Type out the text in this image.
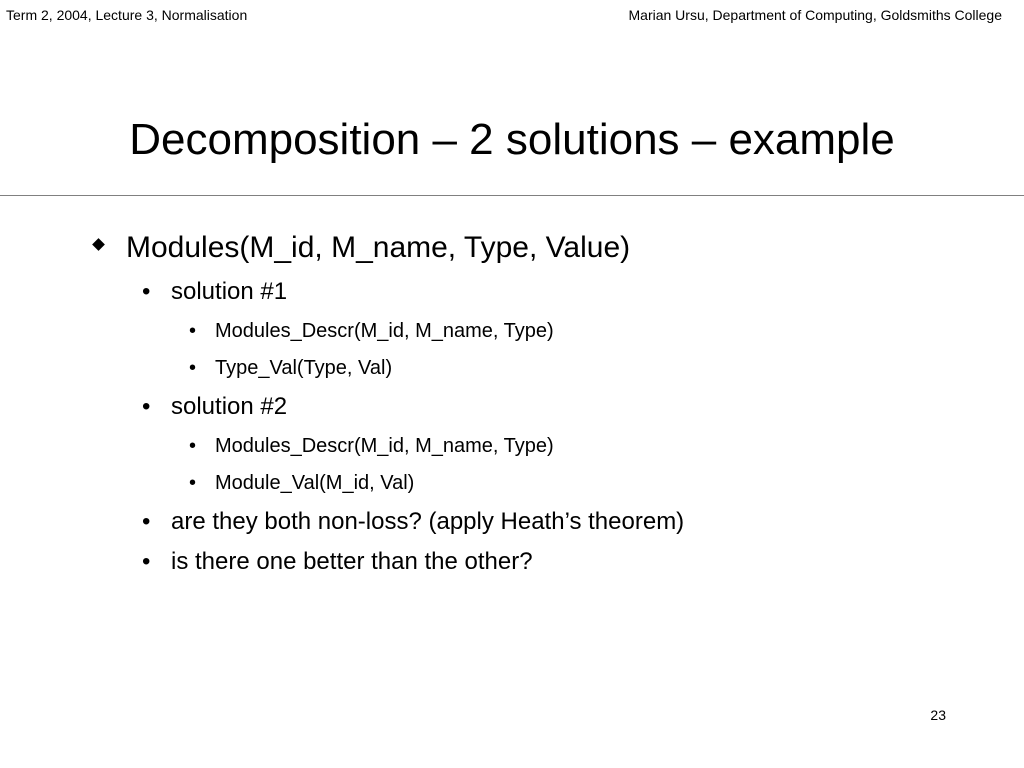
Term 2, 2004, Lecture 3, Normalisation	Marian Ursu, Department of Computing, Goldsmiths College
Decomposition – 2 solutions – example
Modules(M_id, M_name, Type, Value)
• solution #1
• Modules_Descr(M_id, M_name, Type)
• Type_Val(Type, Val)
• solution #2
• Modules_Descr(M_id, M_name, Type)
• Module_Val(M_id, Val)
• are they both non-loss? (apply Heath’s theorem)
• is there one better than the other?
23
